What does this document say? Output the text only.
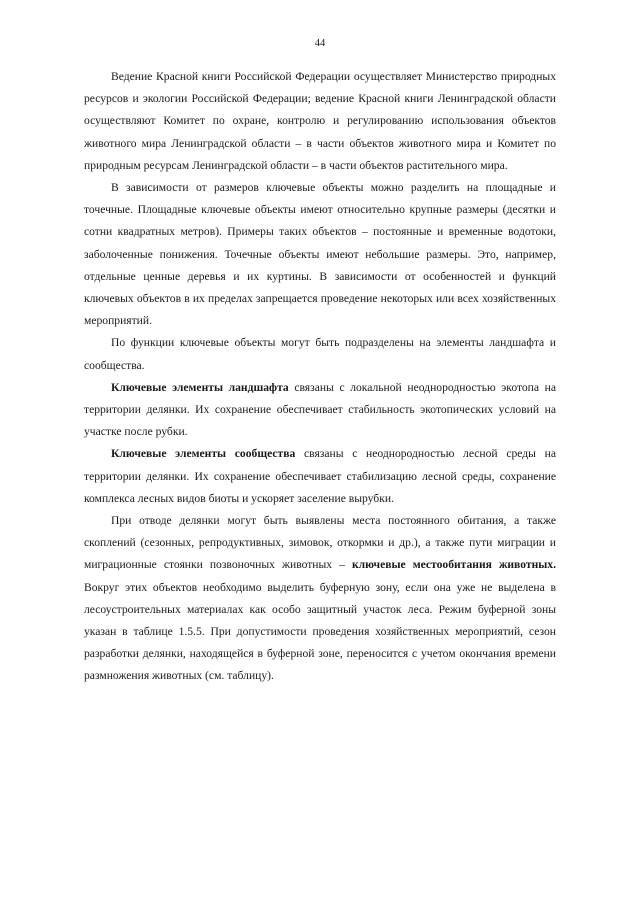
44

Ведение Красной книги Российской Федерации осуществляет Министерство природных ресурсов и экологии Российской Федерации; ведение Красной книги Ленинградской области осуществляют Комитет по охране, контролю и регулированию использования объектов животного мира Ленинградской области – в части объектов животного мира и Комитет по природным ресурсам Ленинградской области – в части объектов растительного мира.

В зависимости от размеров ключевые объекты можно разделить на площадные и точечные. Площадные ключевые объекты имеют относительно крупные размеры (десятки и сотни квадратных метров). Примеры таких объектов – постоянные и временные водотоки, заболоченные понижения. Точечные объекты имеют небольшие размеры. Это, например, отдельные ценные деревья и их куртины. В зависимости от особенностей и функций ключевых объектов в их пределах запрещается проведение некоторых или всех хозяйственных мероприятий.

По функции ключевые объекты могут быть подразделены на элементы ландшафта и сообщества.

Ключевые элементы ландшафта связаны с локальной неоднородностью экотопа на территории делянки. Их сохранение обеспечивает стабильность экотопических условий на участке после рубки.

Ключевые элементы сообщества связаны с неоднородностью лесной среды на территории делянки. Их сохранение обеспечивает стабилизацию лесной среды, сохранение комплекса лесных видов биоты и ускоряет заселение вырубки.

При отводе делянки могут быть выявлены места постоянного обитания, а также скоплений (сезонных, репродуктивных, зимовок, откормки и др.), а также пути миграции и миграционные стоянки позвоночных животных – ключевые местообитания животных. Вокруг этих объектов необходимо выделить буферную зону, если она уже не выделена в лесоустроительных материалах как особо защитный участок леса. Режим буферной зоны указан в таблице 1.5.5. При допустимости проведения хозяйственных мероприятий, сезон разработки делянки, находящейся в буферной зоне, переносится с учетом окончания времени размножения животных (см. таблицу).
